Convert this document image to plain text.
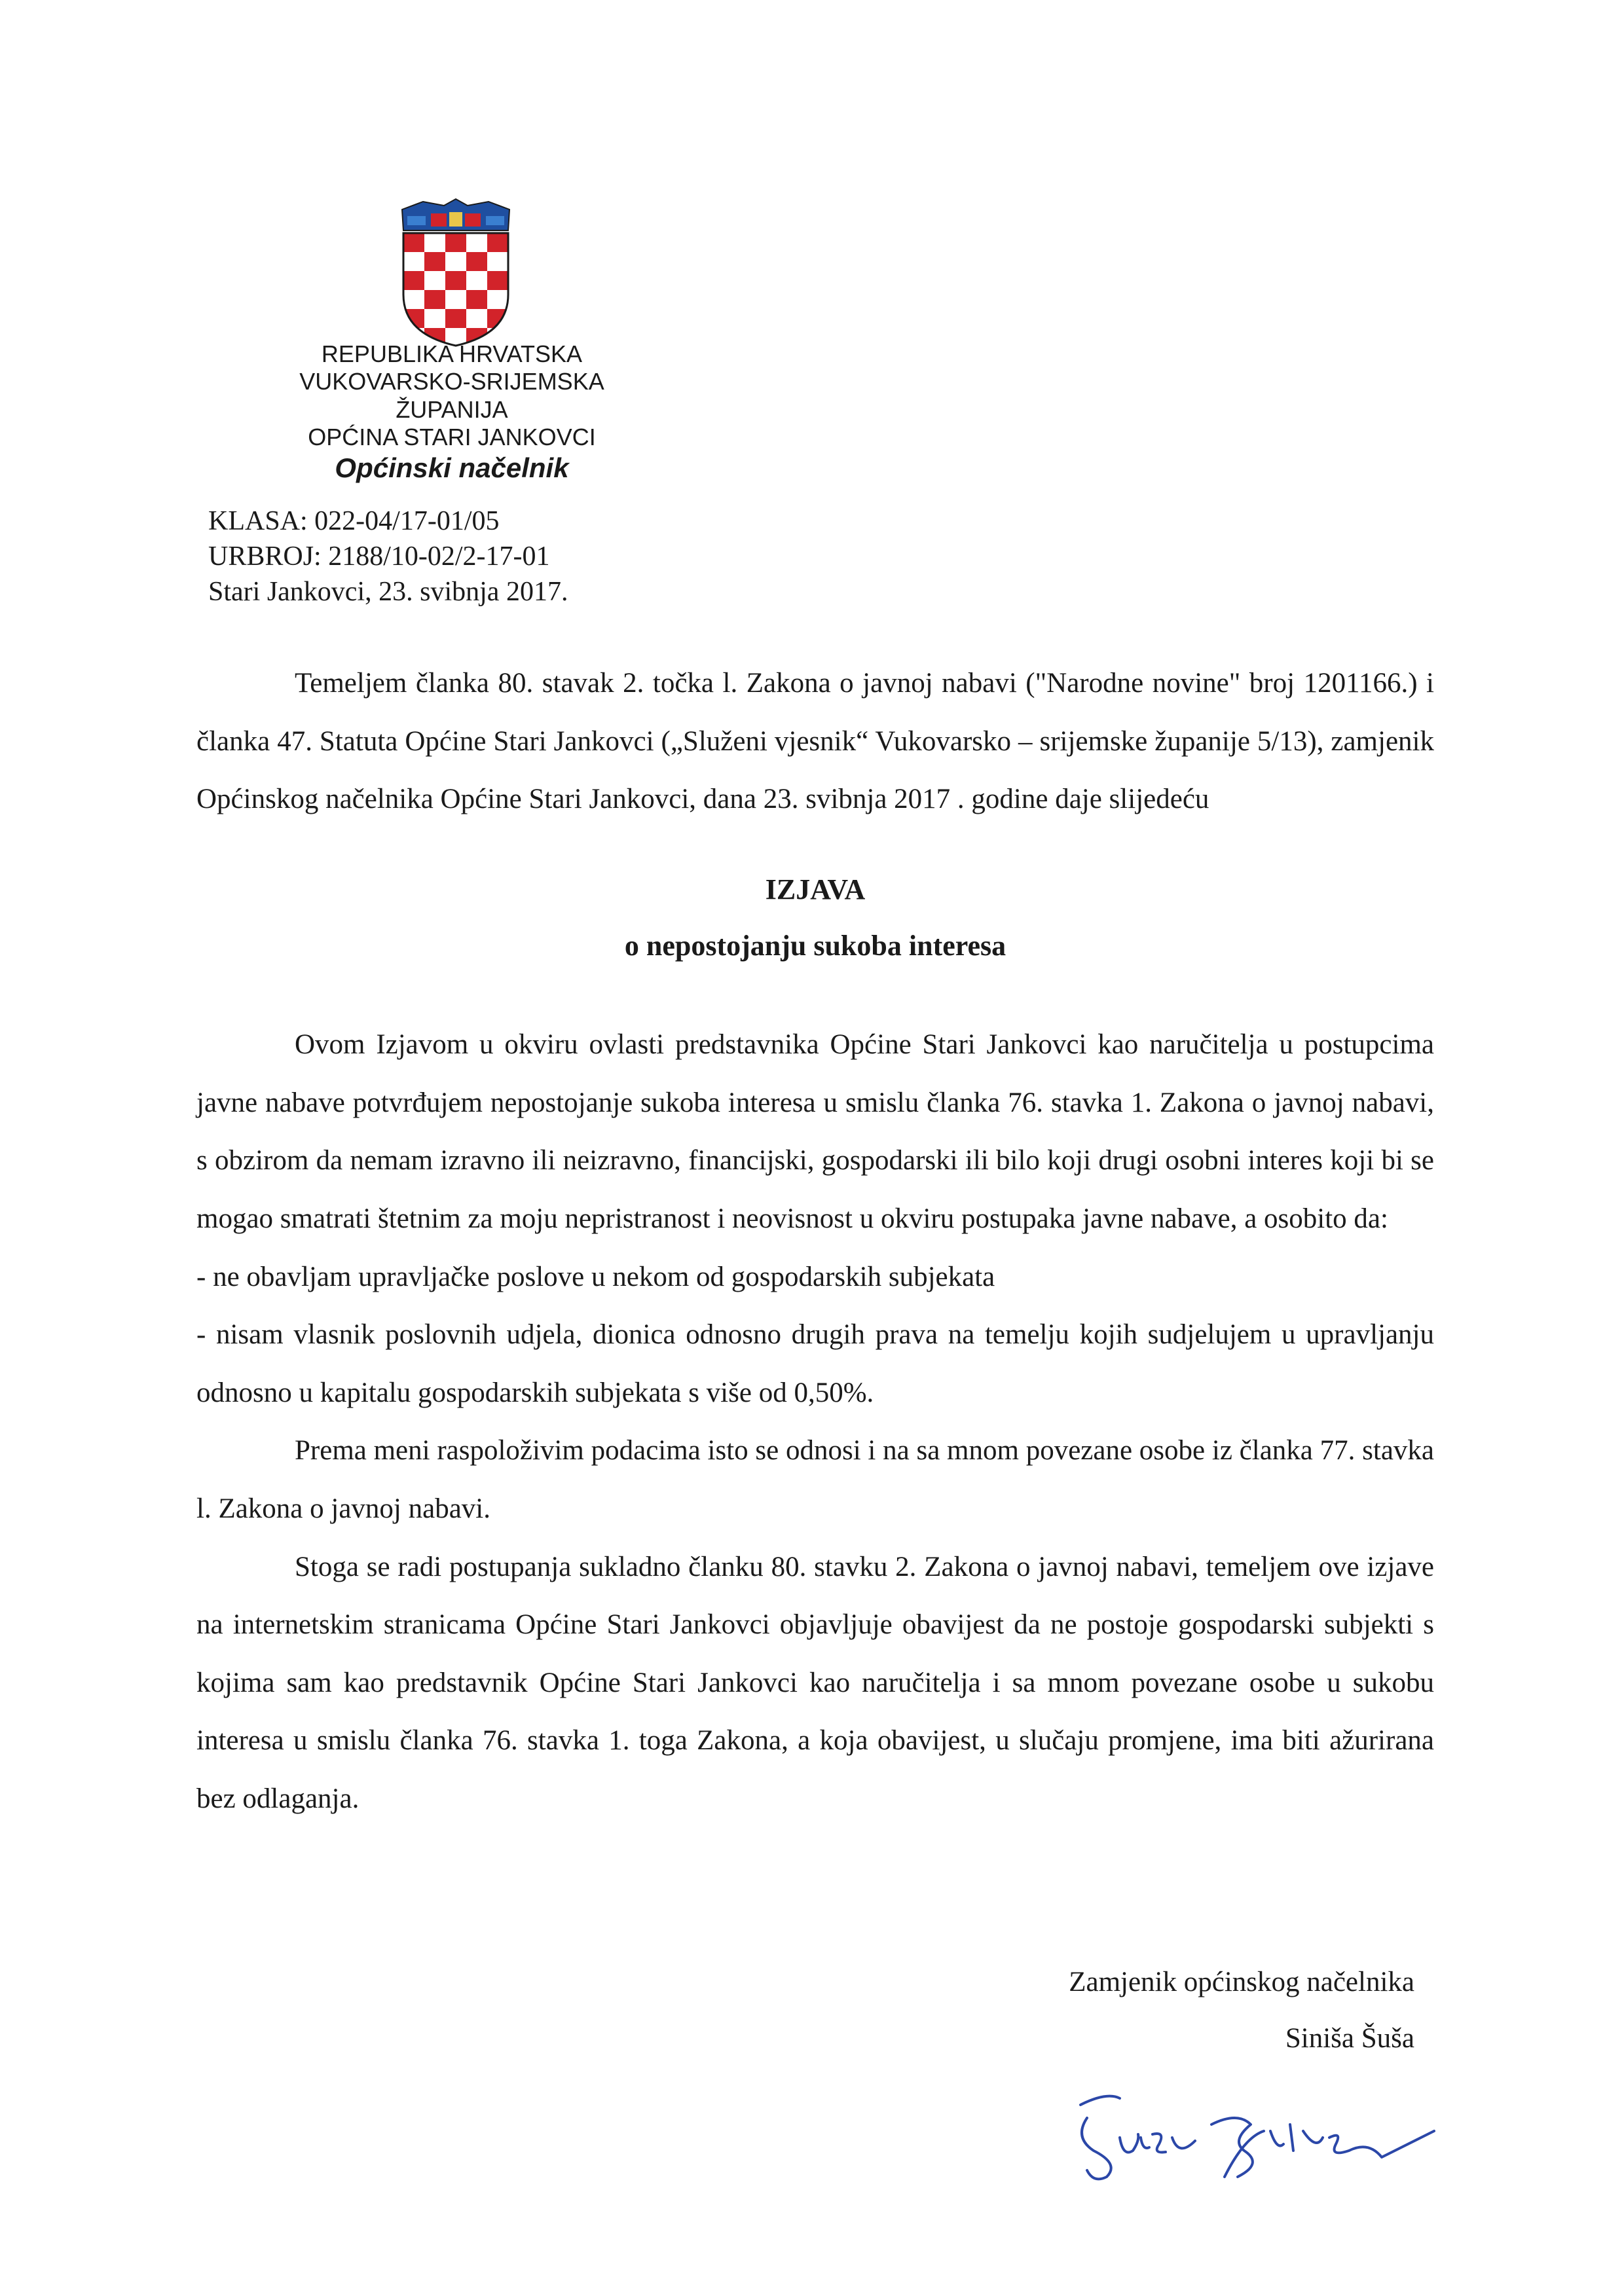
REPUBLIKA HRVATSKA
VUKOVARSKO-SRIJEMSKA
ŽUPANIJA
OPĆINA STARI JANKOVCI
Općinski načelnik
KLASA: 022-04/17-01/05
URBROJ: 2188/10-02/2-17-01
Stari Jankovci, 23. svibnja 2017.

Temeljem članka 80. stavak 2. točka l. Zakona o javnoj nabavi ("Narodne novine" broj 1201166.) i članka 47. Statuta Općine Stari Jankovci („Služeni vjesnik“ Vukovarsko – srijemske županije 5/13), zamjenik Općinskog načelnika Općine Stari Jankovci, dana 23. svibnja 2017 . godine daje slijedeću

IZJAVA
o nepostojanju sukoba interesa

Ovom Izjavom u okviru ovlasti predstavnika Općine Stari Jankovci kao naručitelja u postupcima javne nabave potvrđujem nepostojanje sukoba interesa u smislu članka 76. stavka 1. Zakona o javnoj nabavi, s obzirom da nemam izravno ili neizravno, financijski, gospodarski ili bilo koji drugi osobni interes koji bi se mogao smatrati štetnim za moju nepristranost i neovisnost u okviru postupaka javne nabave, a osobito da:

- ne obavljam upravljačke poslove u nekom od gospodarskih subjekata

- nisam vlasnik poslovnih udjela, dionica odnosno drugih prava na temelju kojih sudjelujem u upravljanju odnosno u kapitalu gospodarskih subjekata s više od 0,50%.

Prema meni raspoloživim podacima isto se odnosi i na sa mnom povezane osobe iz članka 77. stavka l. Zakona o javnoj nabavi.

Stoga se radi postupanja sukladno članku 80. stavku 2. Zakona o javnoj nabavi, temeljem ove izjave na internetskim stranicama Općine Stari Jankovci objavljuje obavijest da ne postoje gospodarski subjekti s kojima sam kao predstavnik Općine Stari Jankovci kao naručitelja i sa mnom povezane osobe u sukobu interesa u smislu članka 76. stavka 1. toga Zakona, a koja obavijest, u slučaju promjene, ima biti ažurirana bez odlaganja.

Zamjenik općinskog načelnika
Siniša Šuša
